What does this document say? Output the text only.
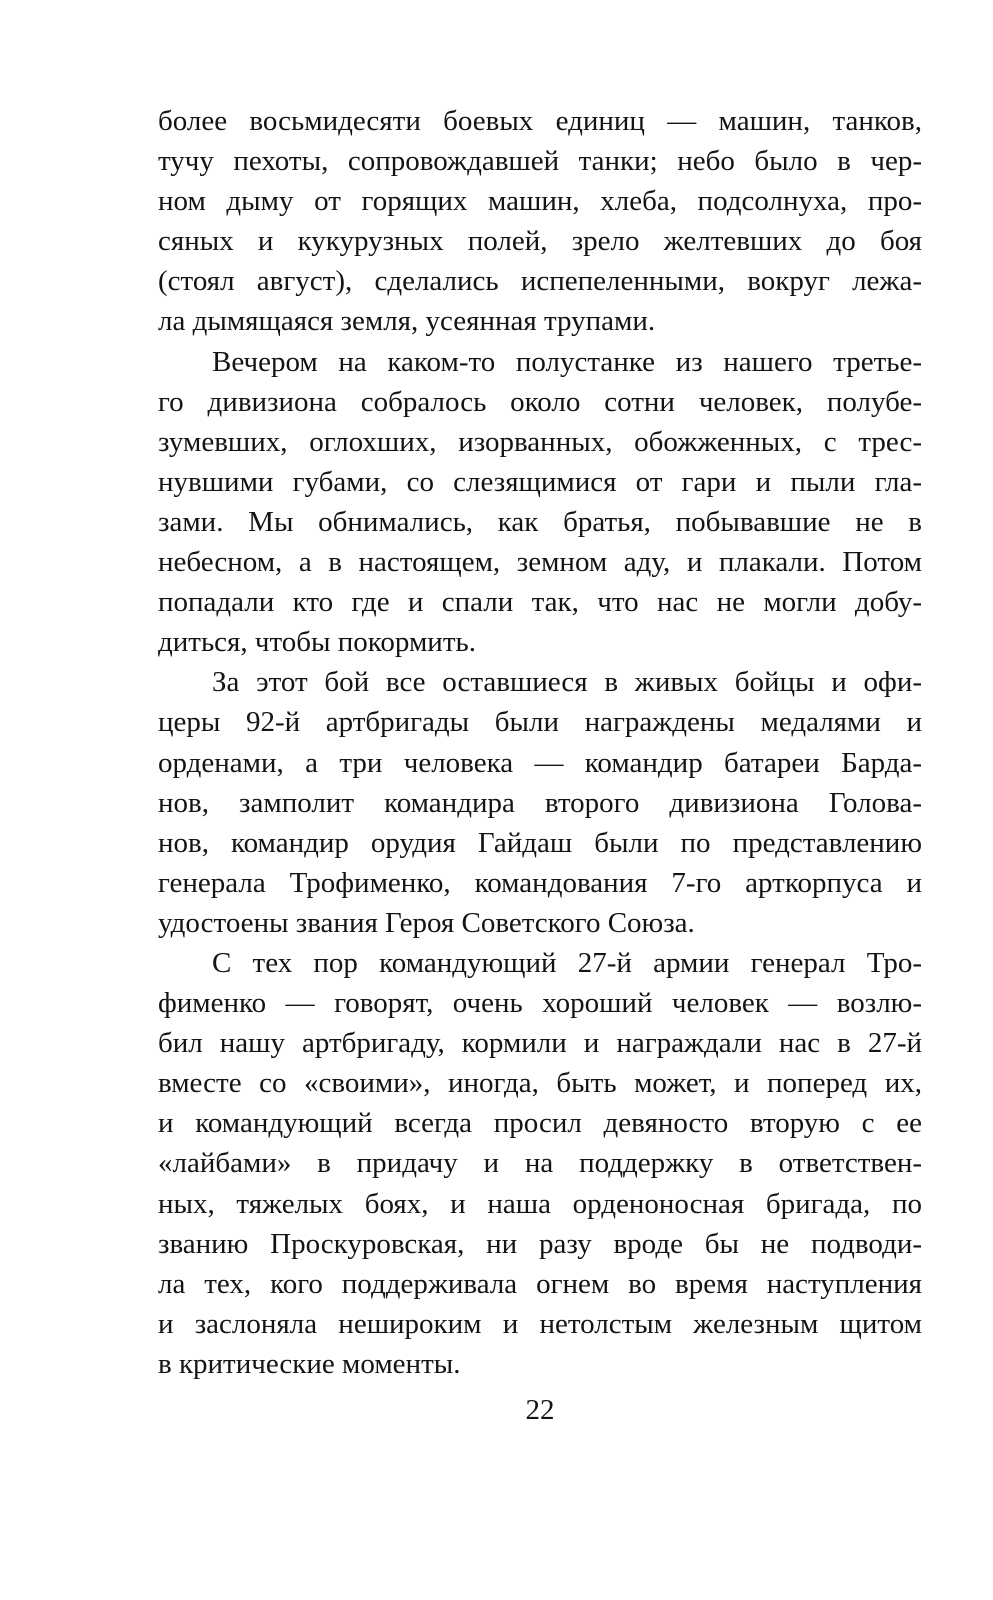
более восьмидесяти боевых единиц — машин, танков,
тучу пехоты, сопровождавшей танки; небо было в чер-
ном дыму от горящих машин, хлеба, подсолнуха, про-
сяных и кукурузных полей, зрело желтевших до боя
(стоял август), сделались испепеленными, вокруг лежа-
ла дымящаяся земля, усеянная трупами.
Вечером на каком-то полустанке из нашего третье-
го дивизиона собралось около сотни человек, полубе-
зумевших, оглохших, изорванных, обожженных, с трес-
нувшими губами, со слезящимися от гари и пыли гла-
зами. Мы обнимались, как братья, побывавшие не в
небесном, а в настоящем, земном аду, и плакали. Потом
попадали кто где и спали так, что нас не могли добу-
диться, чтобы покормить.
За этот бой все оставшиеся в живых бойцы и офи-
церы 92-й артбригады были награждены медалями и
орденами, а три человека — командир батареи Барда-
нов, замполит командира второго дивизиона Голова-
нов, командир орудия Гайдаш были по представлению
генерала Трофименко, командования 7-го арткорпуса и
удостоены звания Героя Советского Союза.
С тех пор командующий 27-й армии генерал Тро-
фименко — говорят, очень хороший человек — возлю-
бил нашу артбригаду, кормили и награждали нас в 27-й
вместе со «своими», иногда, быть может, и поперед их,
и командующий всегда просил девяносто вторую с ее
«лайбами» в придачу и на поддержку в ответствен-
ных, тяжелых боях, и наша орденоносная бригада, по
званию Проскуровская, ни разу вроде бы не подводи-
ла тех, кого поддерживала огнем во время наступления
и заслоняла нешироким и нетолстым железным щитом
в критические моменты.
22
